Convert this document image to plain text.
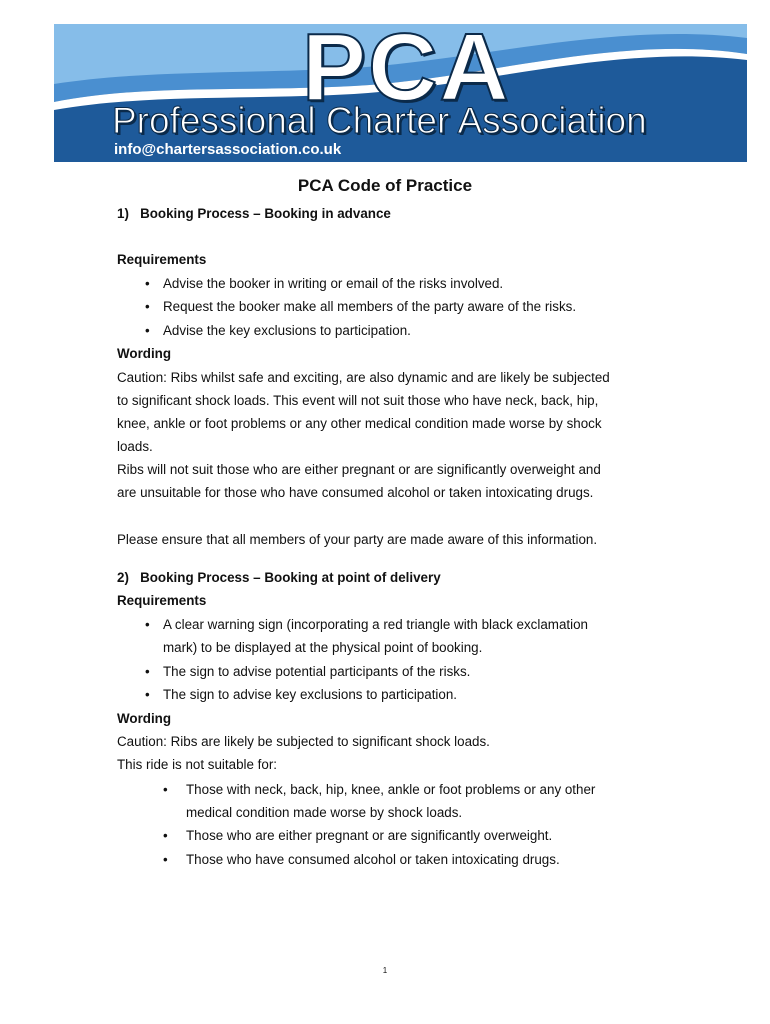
PCA
Professional Charter Association
info@chartersassociation.co.uk
PCA Code of Practice
1)   Booking Process – Booking in advance
Requirements
• Advise the booker in writing or email of the risks involved.
• Request the booker make all members of the party aware of the risks.
• Advise the key exclusions to participation.
Wording
Caution: Ribs whilst safe and exciting, are also dynamic and are likely be subjected
to significant shock loads. This event will not suit those who have neck, back, hip,
knee, ankle or foot problems or any other medical condition made worse by shock
loads.
Ribs will not suit those who are either pregnant or are significantly overweight and
are unsuitable for those who have consumed alcohol or taken intoxicating drugs.
Please ensure that all members of your party are made aware of this information.
2)   Booking Process – Booking at point of delivery
Requirements
• A clear warning sign (incorporating a red triangle with black exclamation
mark) to be displayed at the physical point of booking.
• The sign to advise potential participants of the risks.
• The sign to advise key exclusions to participation.
Wording
Caution: Ribs are likely be subjected to significant shock loads.
This ride is not suitable for:
• Those with neck, back, hip, knee, ankle or foot problems or any other
medical condition made worse by shock loads.
• Those who are either pregnant or are significantly overweight.
• Those who have consumed alcohol or taken intoxicating drugs.
1
